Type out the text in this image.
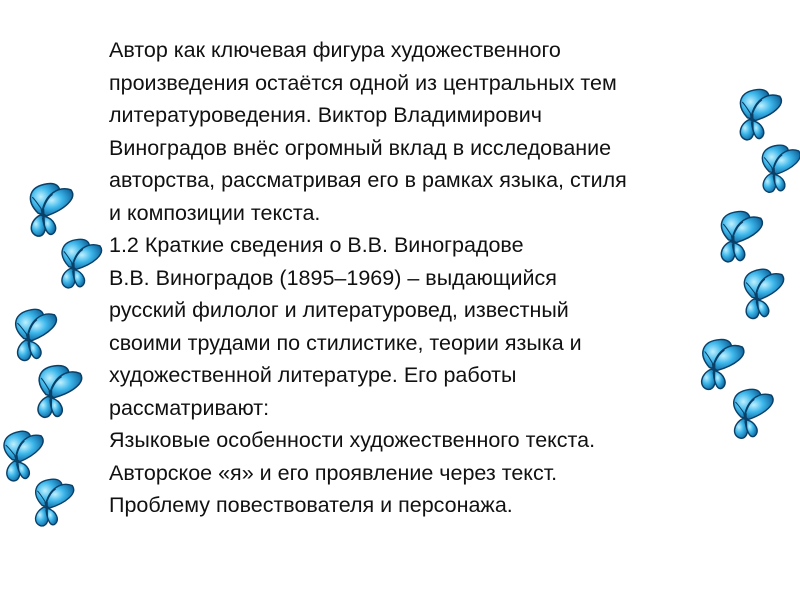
Автор как ключевая фигура художественного

произведения остаётся одной из центральных тем

литературоведения. Виктор Владимирович

Виноградов внёс огромный вклад в исследование

авторства, рассматривая его в рамках языка, стиля

и композиции текста.

1.2 Краткие сведения о В.В. Виноградове

В.В. Виноградов (1895–1969) – выдающийся

русский филолог и литературовед, известный

своими трудами по стилистике, теории языка и

художественной литературе. Его работы

рассматривают:

Языковые особенности художественного текста.

Авторское «я» и его проявление через текст.

Проблему повествователя и персонажа.
